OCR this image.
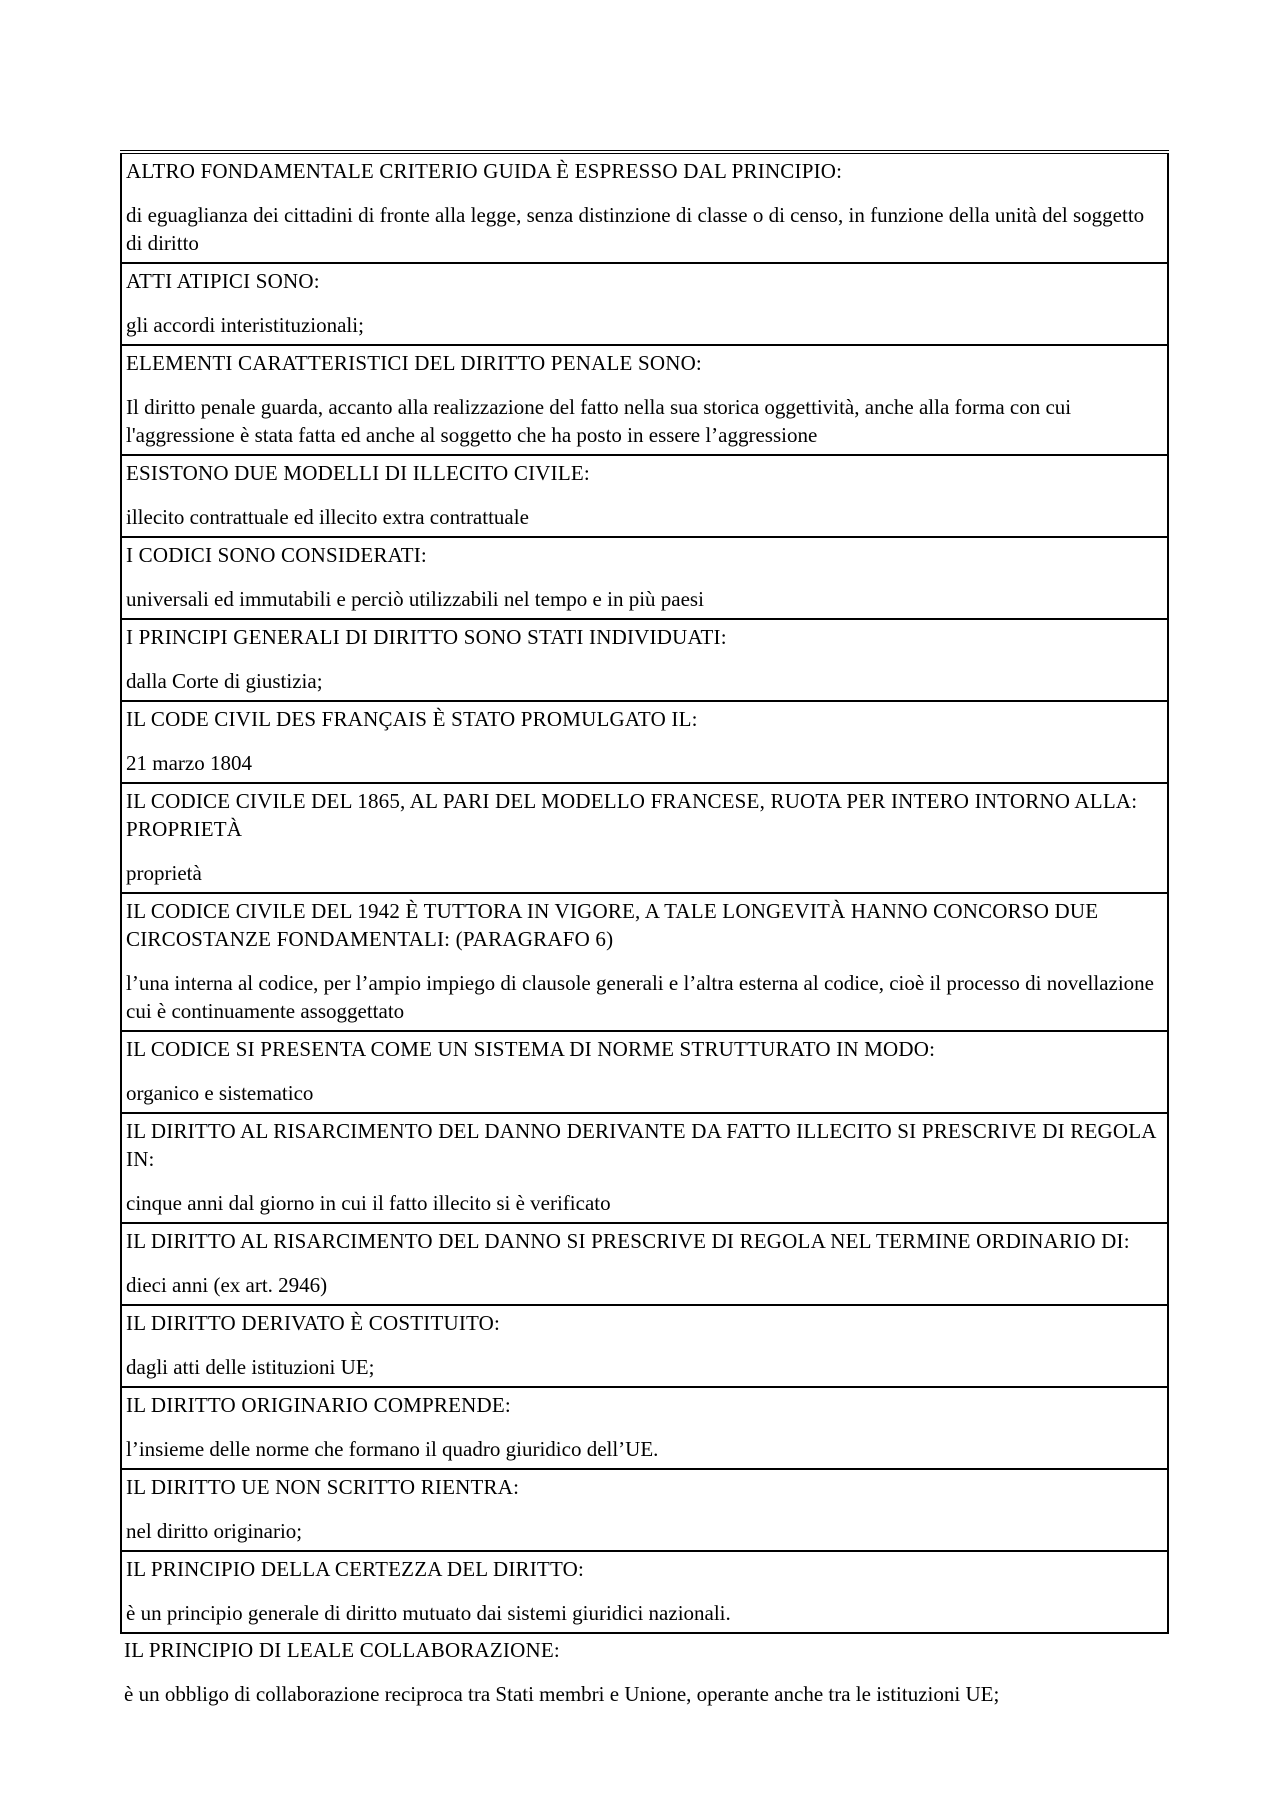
ALTRO FONDAMENTALE CRITERIO GUIDA È ESPRESSO DAL PRINCIPIO:
di eguaglianza dei cittadini di fronte alla legge, senza distinzione di classe o di censo, in funzione della unità del soggetto di diritto

ATTI ATIPICI SONO:
gli accordi interistituzionali;

ELEMENTI CARATTERISTICI DEL DIRITTO PENALE SONO:
Il diritto penale guarda, accanto alla realizzazione del fatto nella sua storica oggettività, anche alla forma con cui l'aggressione è stata fatta ed anche al soggetto che ha posto in essere l’aggressione

ESISTONO DUE MODELLI DI ILLECITO CIVILE:
illecito contrattuale ed illecito extra contrattuale

I CODICI SONO CONSIDERATI:
universali ed immutabili e perciò utilizzabili nel tempo e in più paesi

I PRINCIPI GENERALI DI DIRITTO SONO STATI INDIVIDUATI:
dalla Corte di giustizia;

IL CODE CIVIL DES FRANÇAIS È STATO PROMULGATO IL:
21 marzo 1804

IL CODICE CIVILE DEL 1865, AL PARI DEL MODELLO FRANCESE, RUOTA PER INTERO INTORNO ALLA: PROPRIETÀ
proprietà

IL CODICE CIVILE DEL 1942 È TUTTORA IN VIGORE, A TALE LONGEVITÀ HANNO CONCORSO DUE CIRCOSTANZE FONDAMENTALI: (PARAGRAFO 6)
l’una interna al codice, per l’ampio impiego di clausole generali e l’altra esterna al codice, cioè il processo di novellazione cui è continuamente assoggettato

IL CODICE SI PRESENTA COME UN SISTEMA DI NORME STRUTTURATO IN MODO:
organico e sistematico

IL DIRITTO AL RISARCIMENTO DEL DANNO DERIVANTE DA FATTO ILLECITO SI PRESCRIVE DI REGOLA IN:
cinque anni dal giorno in cui il fatto illecito si è verificato

IL DIRITTO AL RISARCIMENTO DEL DANNO SI PRESCRIVE DI REGOLA NEL TERMINE ORDINARIO DI:
dieci anni (ex art. 2946)

IL DIRITTO DERIVATO È COSTITUITO:
dagli atti delle istituzioni UE;

IL DIRITTO ORIGINARIO COMPRENDE:
l’insieme delle norme che formano il quadro giuridico dell’UE.

IL DIRITTO UE NON SCRITTO RIENTRA:
nel diritto originario;

IL PRINCIPIO DELLA CERTEZZA DEL DIRITTO:
è un principio generale di diritto mutuato dai sistemi giuridici nazionali.
IL PRINCIPIO DI LEALE COLLABORAZIONE:
è un obbligo di collaborazione reciproca tra Stati membri e Unione, operante anche tra le istituzioni UE;
